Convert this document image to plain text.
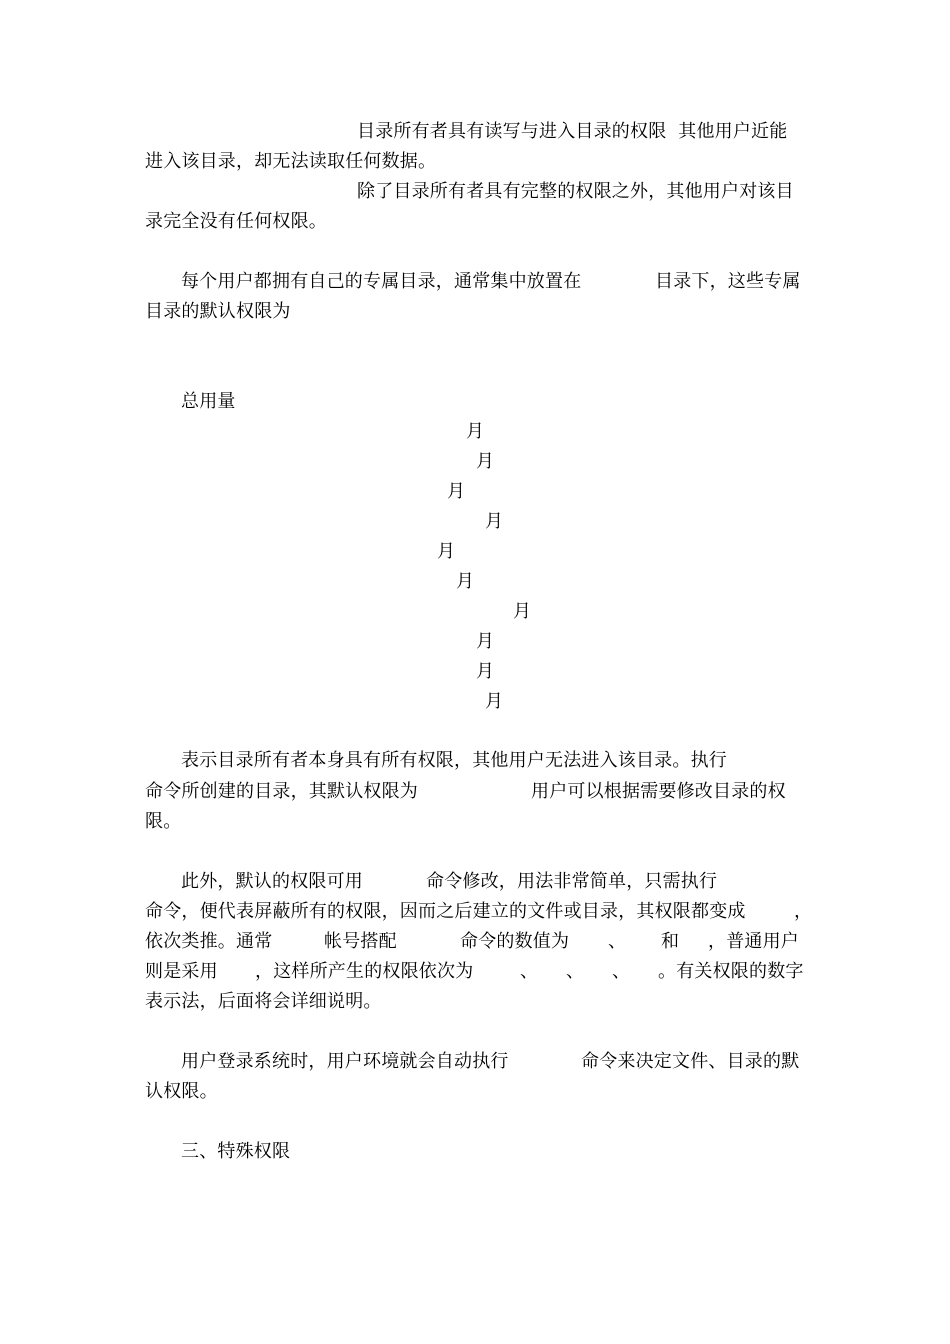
目录所有者具有读写与进入目录的权限  其他用户近能
进入该目录，却无法读取任何数据。
除了目录所有者具有完整的权限之外，其他用户对该目
录完全没有任何权限。
每个用户都拥有自己的专属目录，通常集中放置在	目录下，这些专属
目录的默认权限为
总用量
月
月
月
月
月
月
月
月
月
月
表示目录所有者本身具有所有权限，其他用户无法进入该目录。执行
命令所创建的目录，其默认权限为	用户可以根据需要修改目录的权
限。
此外，默认的权限可用	命令修改，用法非常简单，只需执行
命令，便代表屏蔽所有的权限，因而之后建立的文件或目录，其权限都变成	，
依次类推。通常	帐号搭配	命令的数值为 、 和 ，普通用户
则是采用 ，这样所产生的权限依次为	、 、 、 。有关权限的数字
表示法，后面将会详细说明。
用户登录系统时，用户环境就会自动执行	命令来决定文件、目录的默
认权限。
三、特殊权限
